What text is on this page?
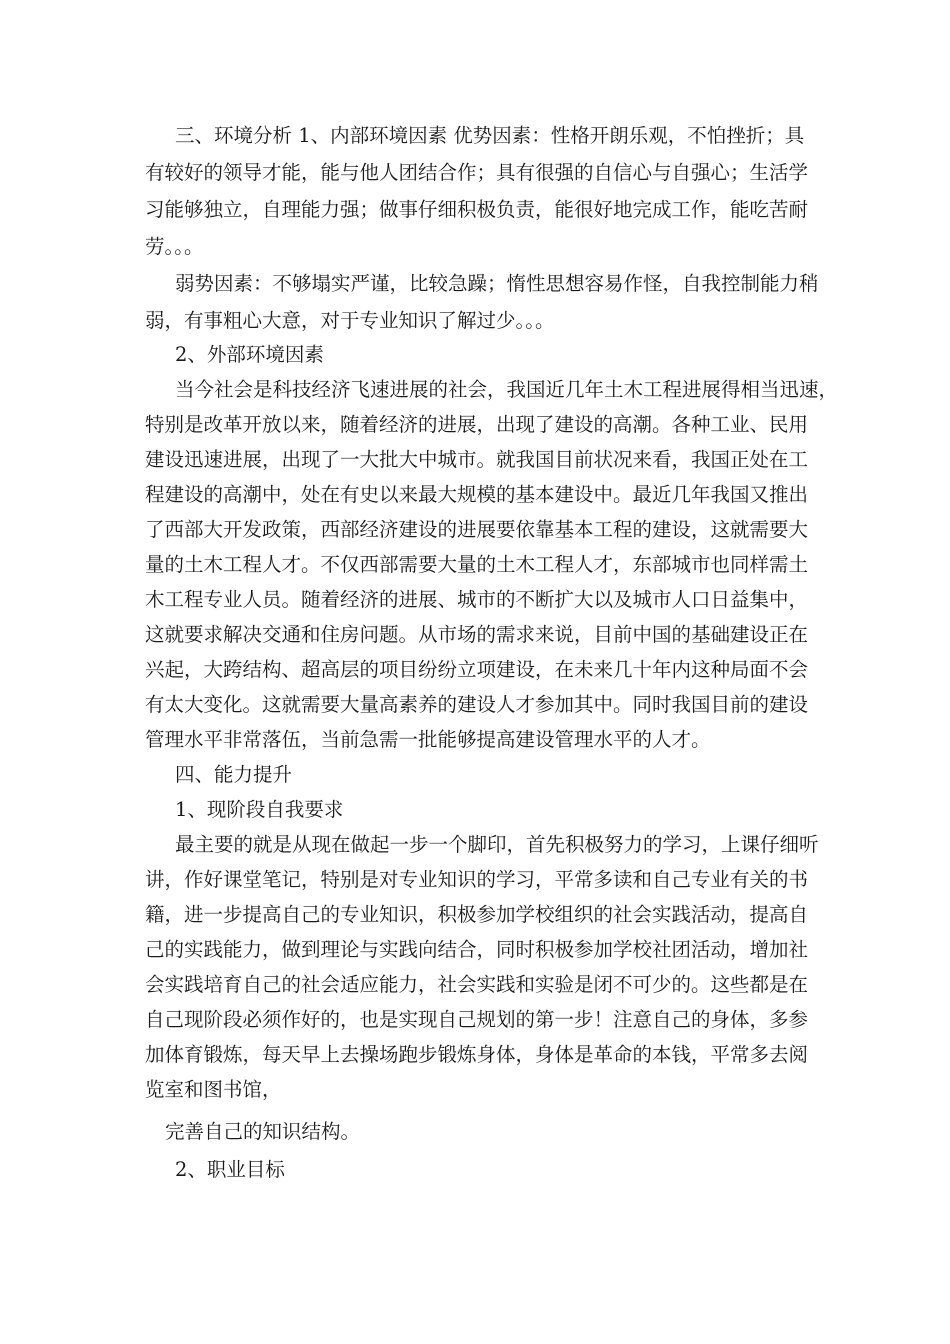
三、环境分析 1、内部环境因素 优势因素：性格开朗乐观，不怕挫折；具
有较好的领导才能，能与他人团结合作；具有很强的自信心与自强心；生活学
习能够独立，自理能力强；做事仔细积极负责，能很好地完成工作，能吃苦耐
劳。。。
弱势因素：不够塌实严谨，比较急躁；惰性思想容易作怪，自我控制能力稍
弱，有事粗心大意，对于专业知识了解过少。。。
2、外部环境因素
当今社会是科技经济飞速进展的社会，我国近几年土木工程进展得相当迅速，
特别是改革开放以来，随着经济的进展，出现了建设的高潮。各种工业、民用
建设迅速进展，出现了一大批大中城市。就我国目前状况来看，我国正处在工
程建设的高潮中，处在有史以来最大规模的基本建设中。最近几年我国又推出
了西部大开发政策，西部经济建设的进展要依靠基本工程的建设，这就需要大
量的土木工程人才。不仅西部需要大量的土木工程人才，东部城市也同样需土
木工程专业人员。随着经济的进展、城市的不断扩大以及城市人口日益集中，
这就要求解决交通和住房问题。从市场的需求来说，目前中国的基础建设正在
兴起，大跨结构、超高层的项目纷纷立项建设，在未来几十年内这种局面不会
有太大变化。这就需要大量高素养的建设人才参加其中。同时我国目前的建设
管理水平非常落伍，当前急需一批能够提高建设管理水平的人才。
四、能力提升
1、现阶段自我要求
最主要的就是从现在做起一步一个脚印，首先积极努力的学习，上课仔细听
讲，作好课堂笔记，特别是对专业知识的学习，平常多读和自己专业有关的书
籍，进一步提高自己的专业知识，积极参加学校组织的社会实践活动，提高自
己的实践能力，做到理论与实践向结合，同时积极参加学校社团活动，增加社
会实践培育自己的社会适应能力，社会实践和实验是闭不可少的。这些都是在
自己现阶段必须作好的，也是实现自己规划的第一步！注意自己的身体，多参
加体育锻炼，每天早上去操场跑步锻炼身体，身体是革命的本钱，平常多去阅
览室和图书馆，
完善自己的知识结构。
2、职业目标
